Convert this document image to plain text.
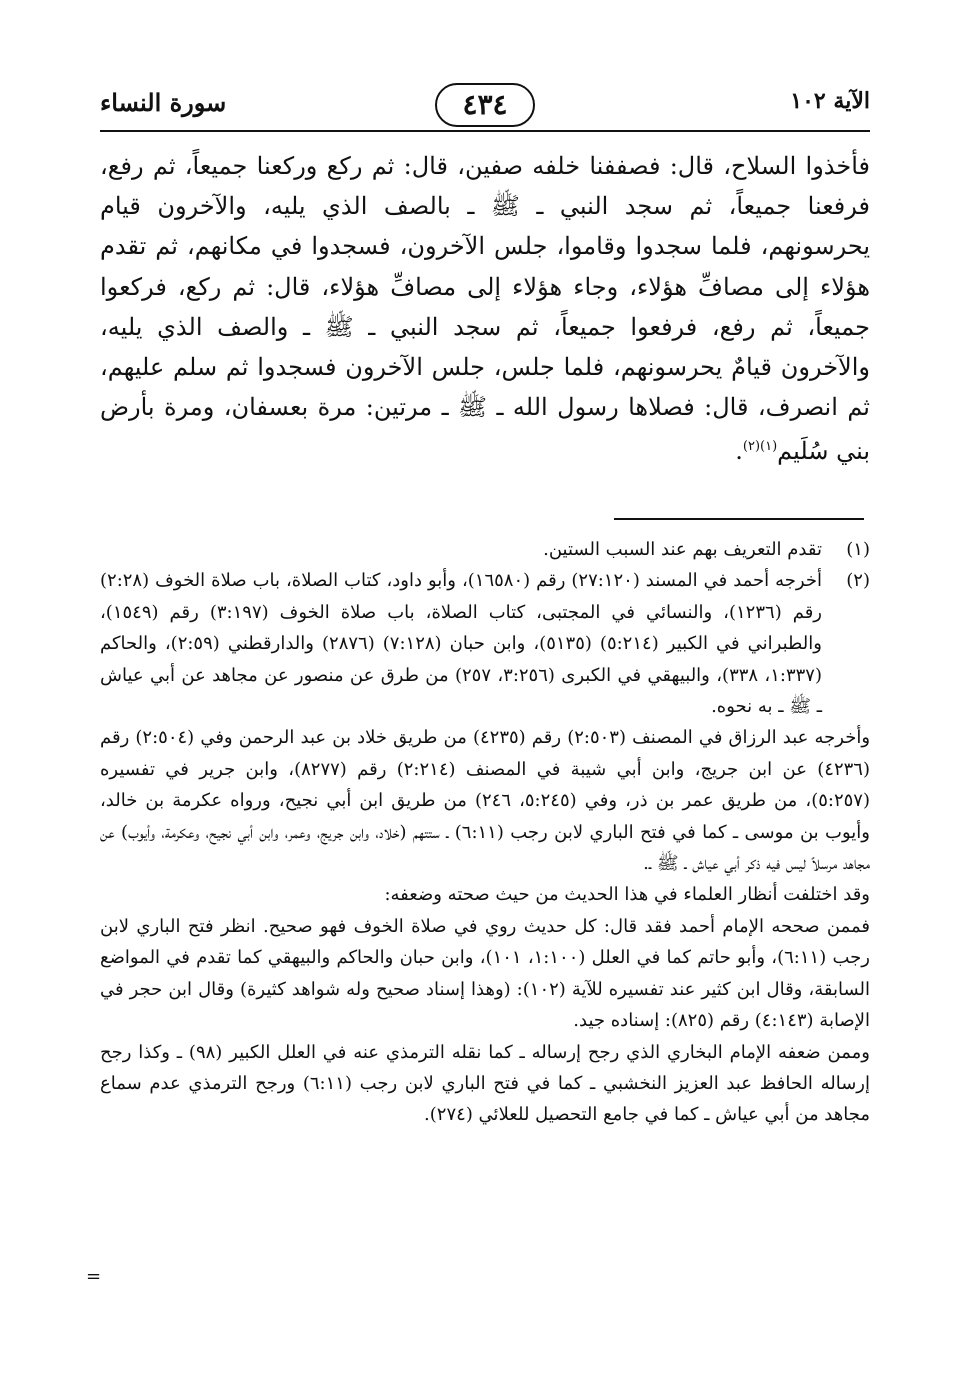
سورة النساء	٤٣٤	الآية ١٠٢

فأخذوا السلاح، قال: فصففنا خلفه صفين، قال: ثم ركع وركعنا جميعاً، ثم رفع، فرفعنا جميعاً، ثم سجد النبي ـ ﷺ ـ بالصف الذي يليه، والآخرون قيام يحرسونهم، فلما سجدوا وقاموا، جلس الآخرون، فسجدوا في مكانهم، ثم تقدم هؤلاء إلى مصافِّ هؤلاء، وجاء هؤلاء إلى مصافِّ هؤلاء، قال: ثم ركع، فركعوا جميعاً، ثم رفع، فرفعوا جميعاً، ثم سجد النبي ـ ﷺ ـ والصف الذي يليه، والآخرون قيامٌ يحرسونهم، فلما جلس، جلس الآخرون فسجدوا ثم سلم عليهم، ثم انصرف، قال: فصلاها رسول الله ـ ﷺ ـ مرتين: مرة بعسفان، ومرة بأرض بني سُلَيم$^{(١)(٢)}$.

(١)
تقدم التعريف بهم عند السبب الستين.
(٢)
أخرجه أحمد في المسند (٢٧:١٢٠) رقم (١٦٥٨٠)، وأبو داود، كتاب الصلاة، باب صلاة الخوف (٢:٢٨) رقم (١٢٣٦)، والنسائي في المجتبى، كتاب الصلاة، باب صلاة الخوف (٣:١٩٧) رقم (١٥٤٩)، والطبراني في الكبير (٥:٢١٤) (٥١٣٥)، وابن حبان (٧:١٢٨) (٢٨٧٦) والدارقطني (٢:٥٩)، والحاكم (١:٣٣٧، ٣٣٨)، والبيهقي في الكبرى (٣:٢٥٦، ٢٥٧) من طرق عن منصور عن مجاهد عن أبي عياش ـ ﷺ ـ به نحوه.
وأخرجه عبد الرزاق في المصنف (٢:٥٠٣) رقم (٤٢٣٥) من طريق خلاد بن عبد الرحمن وفي (٢:٥٠٤) رقم (٤٢٣٦) عن ابن جريج، وابن أبي شيبة في المصنف (٢:٢١٤) رقم (٨٢٧٧)، وابن جرير في تفسيره (٥:٢٥٧)، من طريق عمر بن ذر، وفي (٥:٢٤٥، ٢٤٦) من طريق ابن أبي نجيح، ورواه عكرمة بن خالد، وأيوب بن موسى ـ كما في فتح الباري لابن رجب (٦:١١) ـ ستتهم (خلاد، وابن جريج، وعمر، وابن أبي نجيح، وعكرمة، وأيوب) عن مجاهد مرسلاً ليس فيه ذكر أبي عياش ـ ﷺ ـ.
وقد اختلفت أنظار العلماء في هذا الحديث من حيث صحته وضعفه:
فممن صححه الإمام أحمد فقد قال: كل حديث روي في صلاة الخوف فهو صحيح. انظر فتح الباري لابن رجب (٦:١١)، وأبو حاتم كما في العلل (١:١٠٠، ١٠١)، وابن حبان والحاكم والبيهقي كما تقدم في المواضع السابقة، وقال ابن كثير عند تفسيره للآية (١٠٢): (وهذا إسناد صحيح وله شواهد كثيرة) وقال ابن حجر في الإصابة (٤:١٤٣) رقم (٨٢٥): إسناده جيد.
وممن ضعفه الإمام البخاري الذي رجح إرساله ـ كما نقله الترمذي عنه في العلل الكبير (٩٨) ـ وكذا رجح إرساله الحافظ عبد العزيز النخشبي ـ كما في فتح الباري لابن رجب (٦:١١) ورجح الترمذي عدم سماع مجاهد من أبي عياش ـ كما في جامع التحصيل للعلائي (٢٧٤).
=
